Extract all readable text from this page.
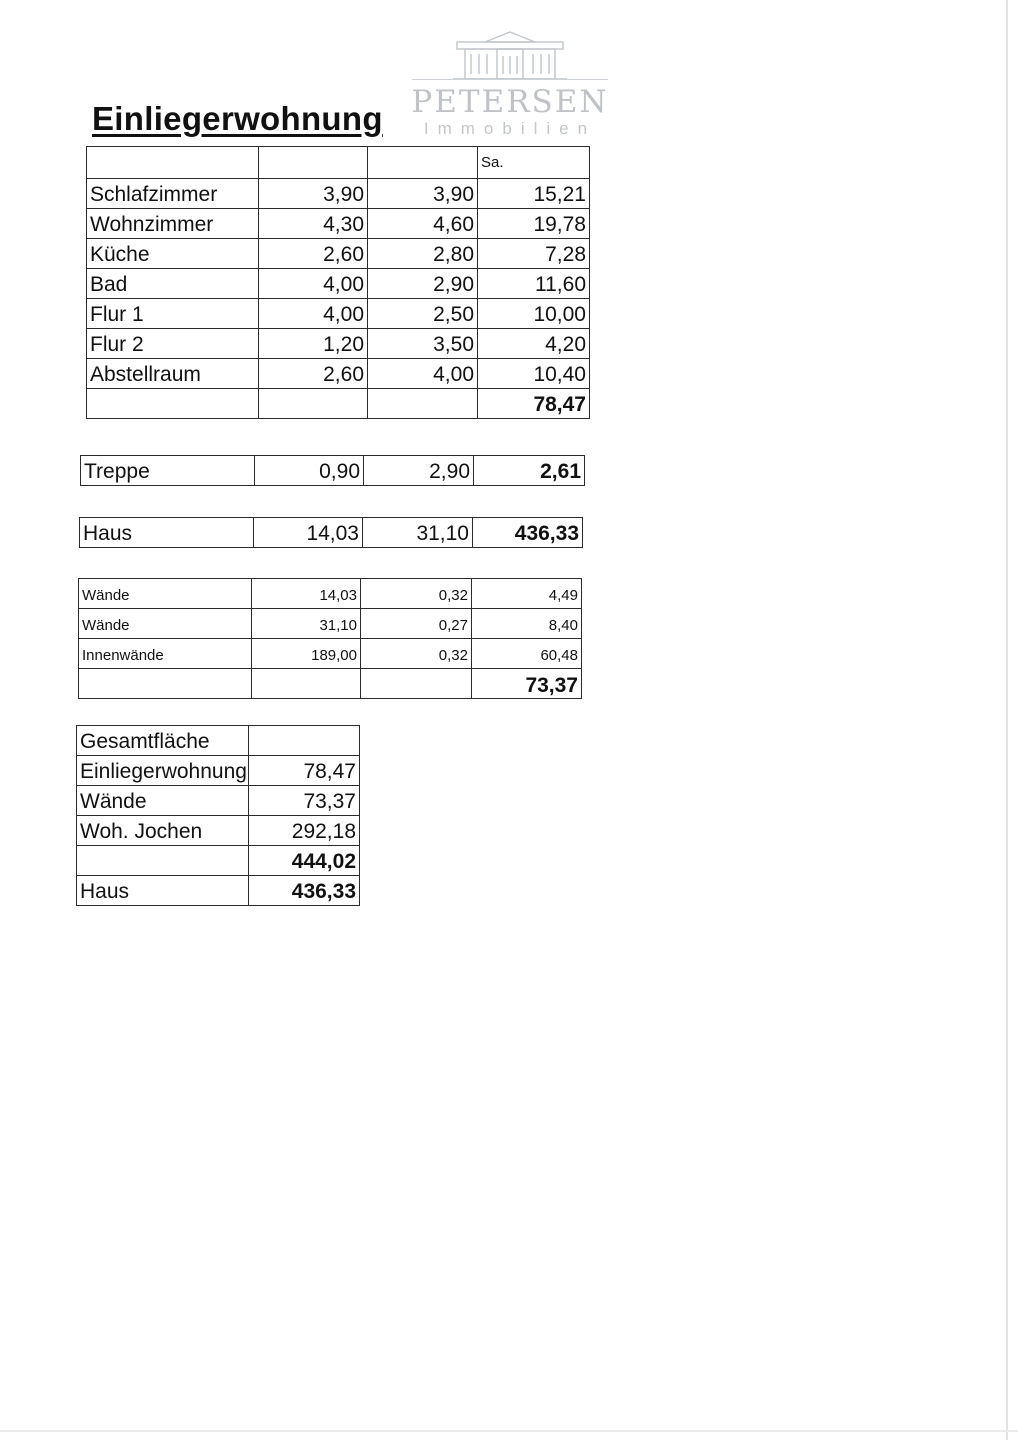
Einliegerwohnung PETERSEN
Immobilien
			Sa.
Schlafzimmer	3,90	3,90	15,21
Wohnzimmer	4,30	4,60	19,78
Küche	2,60	2,80	7,28
Bad	4,00	2,90	11,60
Flur 1	4,00	2,50	10,00
Flur 2	1,20	3,50	4,20
Abstellraum	2,60	4,00	10,40
			78,47
Treppe	0,90	2,90	2,61
Haus	14,03	31,10	436,33
Wände	14,03	0,32	4,49
Wände	31,10	0,27	8,40
Innenwände	189,00	0,32	60,48
			73,37
Gesamtfläche	
Einliegerwohnung	78,47
Wände	73,37
Woh. Jochen	292,18
	444,02
Haus	436,33
